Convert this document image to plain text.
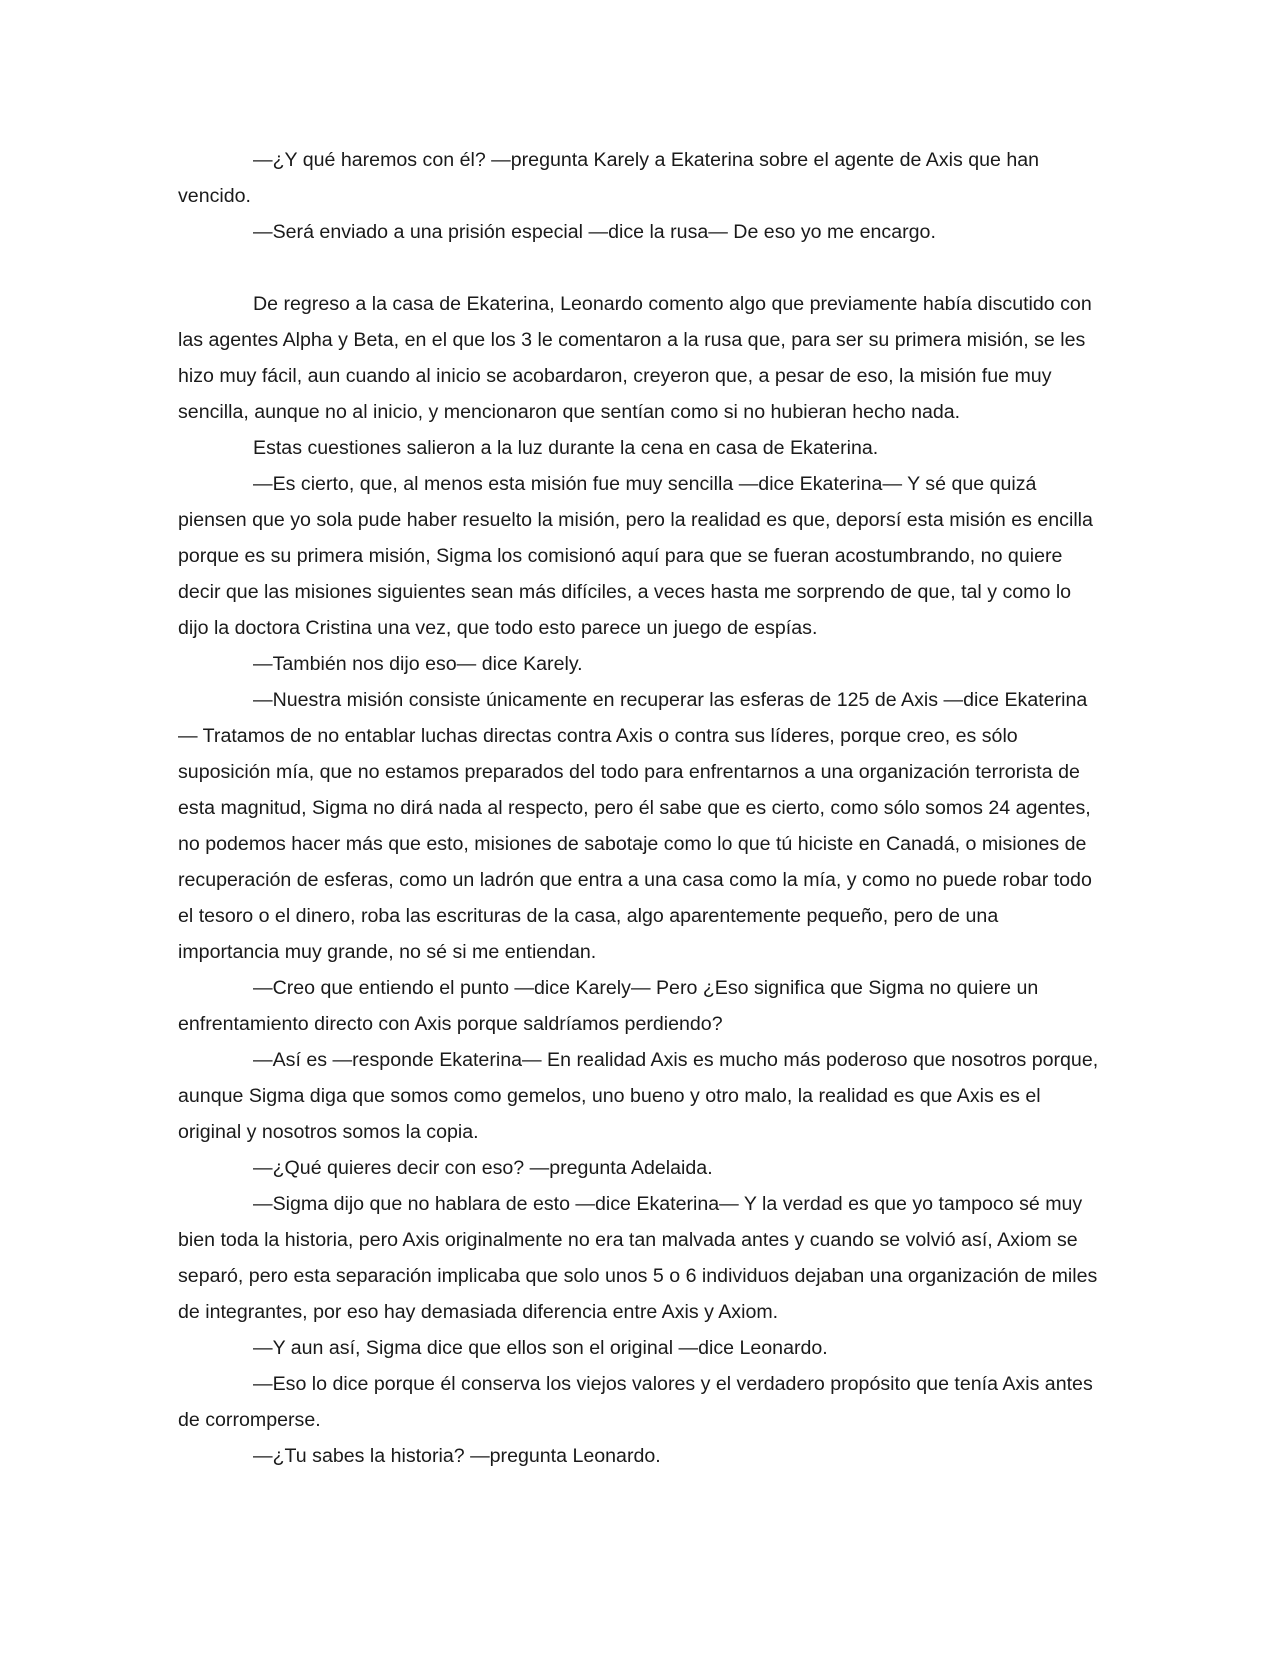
—¿Y qué haremos con él? —pregunta Karely a Ekaterina sobre el agente de Axis que han vencido.

—Será enviado a una prisión especial —dice la rusa— De eso yo me encargo.

De regreso a la casa de Ekaterina, Leonardo comento algo que previamente había discutido con las agentes Alpha y Beta, en el que los 3 le comentaron a la rusa que, para ser su primera misión, se les hizo muy fácil, aun cuando al inicio se acobardaron, creyeron que, a pesar de eso, la misión fue muy sencilla, aunque no al inicio, y mencionaron que sentían como si no hubieran hecho nada.

Estas cuestiones salieron a la luz durante la cena en casa de Ekaterina.

—Es cierto, que, al menos esta misión fue muy sencilla —dice Ekaterina— Y sé que quizá piensen que yo sola pude haber resuelto la misión, pero la realidad es que, deporsí esta misión es encilla porque es su primera misión, Sigma los comisionó aquí para que se fueran acostumbrando, no quiere decir que las misiones siguientes sean más difíciles, a veces hasta me sorprendo de que, tal y como lo dijo la doctora Cristina una vez, que todo esto parece un juego de espías.

—También nos dijo eso— dice Karely.

—Nuestra misión consiste únicamente en recuperar las esferas de 125 de Axis —dice Ekaterina— Tratamos de no entablar luchas directas contra Axis o contra sus líderes, porque creo, es sólo suposición mía, que no estamos preparados del todo para enfrentarnos a una organización terrorista de esta magnitud, Sigma no dirá nada al respecto, pero él sabe que es cierto, como sólo somos 24 agentes, no podemos hacer más que esto, misiones de sabotaje como lo que tú hiciste en Canadá, o misiones de recuperación de esferas, como un ladrón que entra a una casa como la mía, y como no puede robar todo el tesoro o el dinero, roba las escrituras de la casa, algo aparentemente pequeño, pero de una importancia muy grande, no sé si me entiendan.

—Creo que entiendo el punto —dice Karely— Pero ¿Eso significa que Sigma no quiere un enfrentamiento directo con Axis porque saldríamos perdiendo?

—Así es —responde Ekaterina— En realidad Axis es mucho más poderoso que nosotros porque, aunque Sigma diga que somos como gemelos, uno bueno y otro malo, la realidad es que Axis es el original y nosotros somos la copia.

—¿Qué quieres decir con eso? —pregunta Adelaida.

—Sigma dijo que no hablara de esto —dice Ekaterina— Y la verdad es que yo tampoco sé muy bien toda la historia, pero Axis originalmente no era tan malvada antes y cuando se volvió así, Axiom se separó, pero esta separación implicaba que solo unos 5 o 6 individuos dejaban una organización de miles de integrantes, por eso hay demasiada diferencia entre Axis y Axiom.

—Y aun así, Sigma dice que ellos son el original —dice Leonardo.

—Eso lo dice porque él conserva los viejos valores y el verdadero propósito que tenía Axis antes de corromperse.

—¿Tu sabes la historia? —pregunta Leonardo.
